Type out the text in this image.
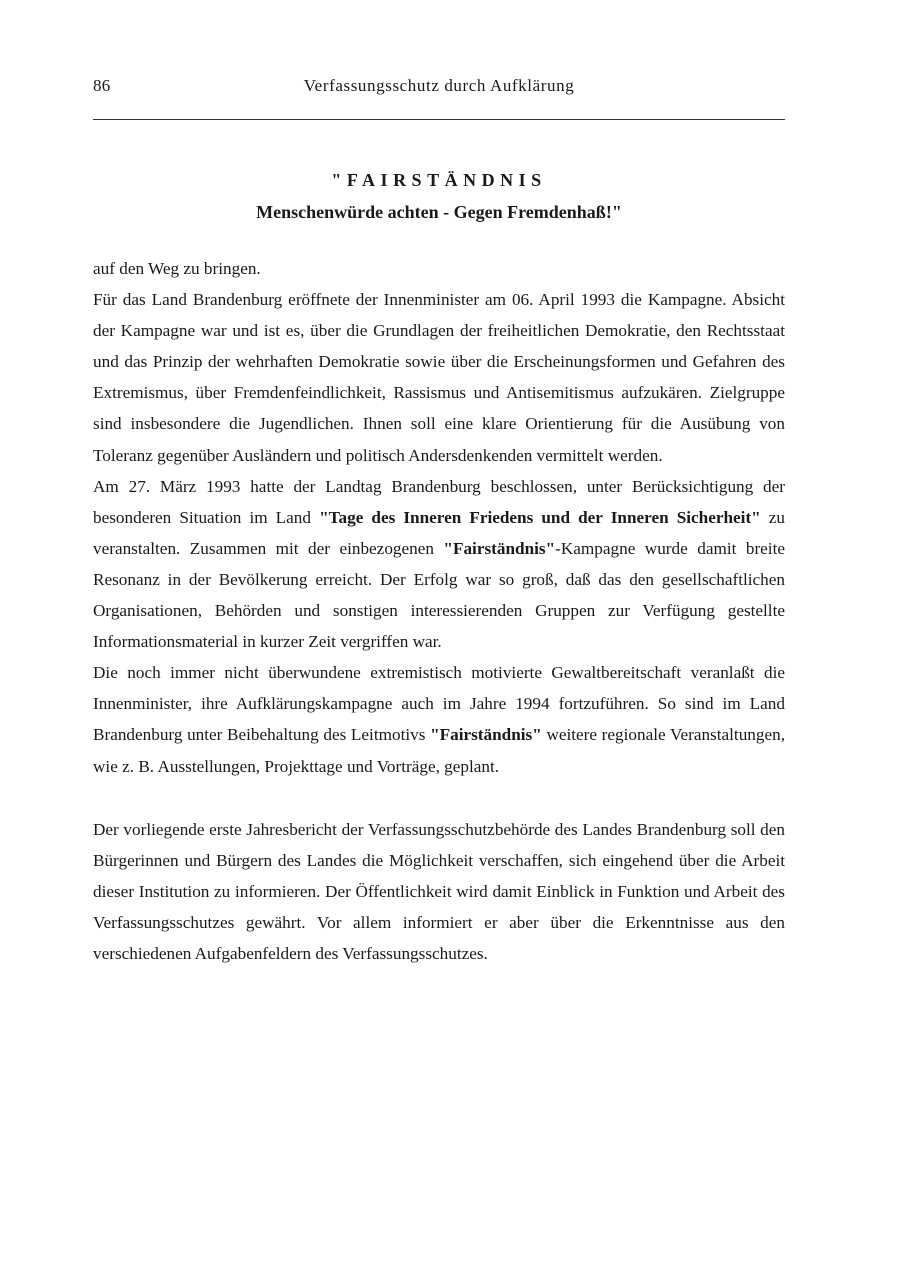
86	Verfassungsschutz durch Aufklärung
"FAIRSTÄNDNIS
Menschenwürde achten - Gegen Fremdenhaß!"

auf den Weg zu bringen.

Für das Land Brandenburg eröffnete der Innenminister am 06. April 1993 die Kampagne. Absicht der Kampagne war und ist es, über die Grundlagen der freiheitlichen Demokratie, den Rechtsstaat und das Prinzip der wehrhaften Demokratie sowie über die Erscheinungsformen und Gefahren des Extremismus, über Fremdenfeindlichkeit, Rassismus und Antisemitismus aufzukären. Zielgruppe sind insbesondere die Jugendlichen. Ihnen soll eine klare Orientierung für die Ausübung von Toleranz gegenüber Ausländern und politisch Andersdenkenden vermittelt werden.

Am 27. März 1993 hatte der Landtag Brandenburg beschlossen, unter Berücksichtigung der besonderen Situation im Land "Tage des Inneren Friedens und der Inneren Sicherheit" zu veranstalten. Zusammen mit der einbezogenen "Fairständnis"-Kampagne wurde damit breite Resonanz in der Bevölkerung erreicht. Der Erfolg war so groß, daß das den gesellschaftlichen Organisationen, Behörden und sonstigen interessierenden Gruppen zur Verfügung gestellte Informationsmaterial in kurzer Zeit vergriffen war.

Die noch immer nicht überwundene extremistisch motivierte Gewaltbereitschaft veranlaßt die Innenminister, ihre Aufklärungskampagne auch im Jahre 1994 fortzuführen. So sind im Land Brandenburg unter Beibehaltung des Leitmotivs "Fairständnis" weitere regionale Veranstaltungen, wie z. B. Ausstellungen, Projekttage und Vorträge, geplant.

Der vorliegende erste Jahresbericht der Verfassungsschutzbehörde des Landes Brandenburg soll den Bürgerinnen und Bürgern des Landes die Möglichkeit verschaffen, sich eingehend über die Arbeit dieser Institution zu informieren. Der Öffentlichkeit wird damit Einblick in Funktion und Arbeit des Verfassungsschutzes gewährt. Vor allem informiert er aber über die Erkenntnisse aus den verschiedenen Aufgabenfeldern des Verfassungsschutzes.
